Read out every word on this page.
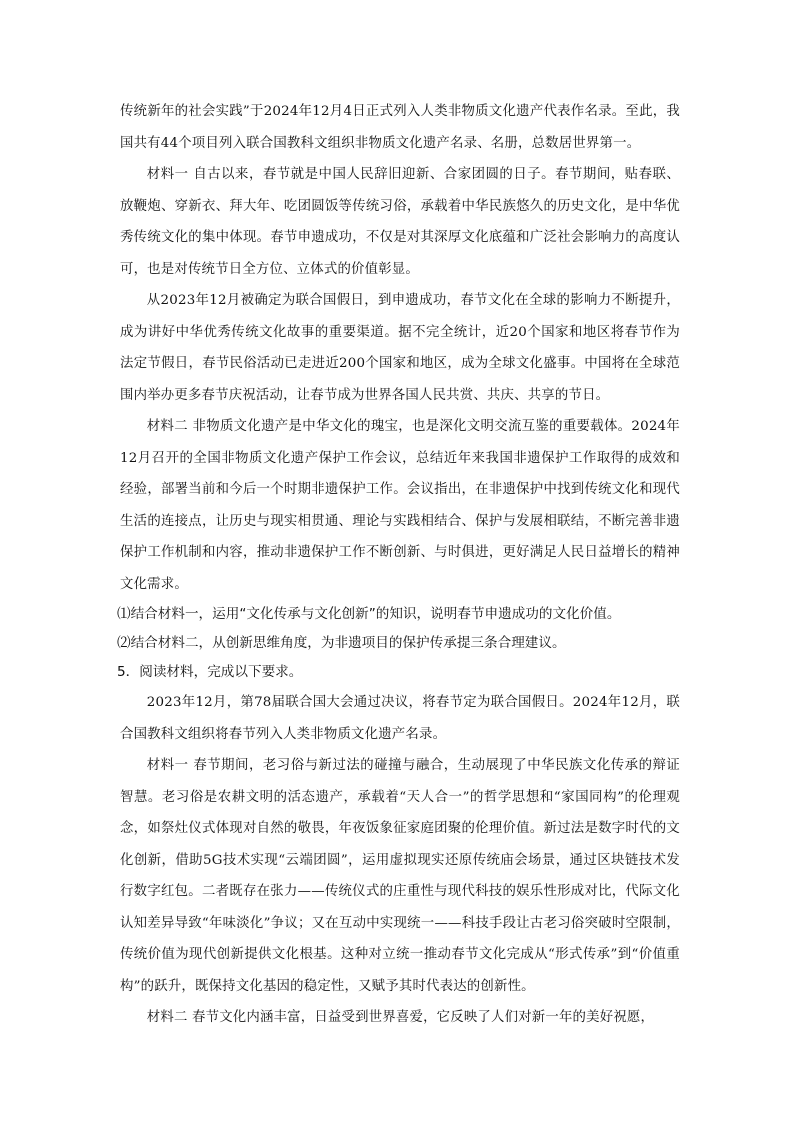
传统新年的社会实践”于2024年12月4日正式列入人类非物质文化遗产代表作名录。至此，我国共有44个项目列入联合国教科文组织非物质文化遗产名录、名册，总数居世界第一。

材料一 自古以来，春节就是中国人民辞旧迎新、合家团圆的日子。春节期间，贴春联、放鞭炮、穿新衣、拜大年、吃团圆饭等传统习俗，承载着中华民族悠久的历史文化，是中华优秀传统文化的集中体现。春节申遗成功，不仅是对其深厚文化底蕴和广泛社会影响力的高度认可，也是对传统节日全方位、立体式的价值彰显。

从2023年12月被确定为联合国假日，到申遗成功，春节文化在全球的影响力不断提升，成为讲好中华优秀传统文化故事的重要渠道。据不完全统计，近20个国家和地区将春节作为法定节假日，春节民俗活动已走进近200个国家和地区，成为全球文化盛事。中国将在全球范围内举办更多春节庆祝活动，让春节成为世界各国人民共赏、共庆、共享的节日。

材料二 非物质文化遗产是中华文化的瑰宝，也是深化文明交流互鉴的重要载体。2024年12月召开的全国非物质文化遗产保护工作会议，总结近年来我国非遗保护工作取得的成效和经验，部署当前和今后一个时期非遗保护工作。会议指出，在非遗保护中找到传统文化和现代生活的连接点，让历史与现实相贯通、理论与实践相结合、保护与发展相联结，不断完善非遗保护工作机制和内容，推动非遗保护工作不断创新、与时俱进，更好满足人民日益增长的精神文化需求。

⑴结合材料一，运用“文化传承与文化创新”的知识，说明春节申遗成功的文化价值。

⑵结合材料二，从创新思维角度，为非遗项目的保护传承提三条合理建议。

5．阅读材料，完成以下要求。

2023年12月，第78届联合国大会通过决议，将春节定为联合国假日。2024年12月，联合国教科文组织将春节列入人类非物质文化遗产名录。

材料一 春节期间，老习俗与新过法的碰撞与融合，生动展现了中华民族文化传承的辩证智慧。老习俗是农耕文明的活态遗产，承载着“天人合一”的哲学思想和“家国同构”的伦理观念，如祭灶仪式体现对自然的敬畏，年夜饭象征家庭团聚的伦理价值。新过法是数字时代的文化创新，借助5G技术实现“云端团圆”，运用虚拟现实还原传统庙会场景，通过区块链技术发行数字红包。二者既存在张力——传统仪式的庄重性与现代科技的娱乐性形成对比，代际文化认知差异导致“年味淡化”争议；又在互动中实现统一——科技手段让古老习俗突破时空限制，传统价值为现代创新提供文化根基。这种对立统一推动春节文化完成从“形式传承”到“价值重构”的跃升，既保持文化基因的稳定性，又赋予其时代表达的创新性。

材料二 春节文化内涵丰富，日益受到世界喜爱，它反映了人们对新一年的美好祝愿，
